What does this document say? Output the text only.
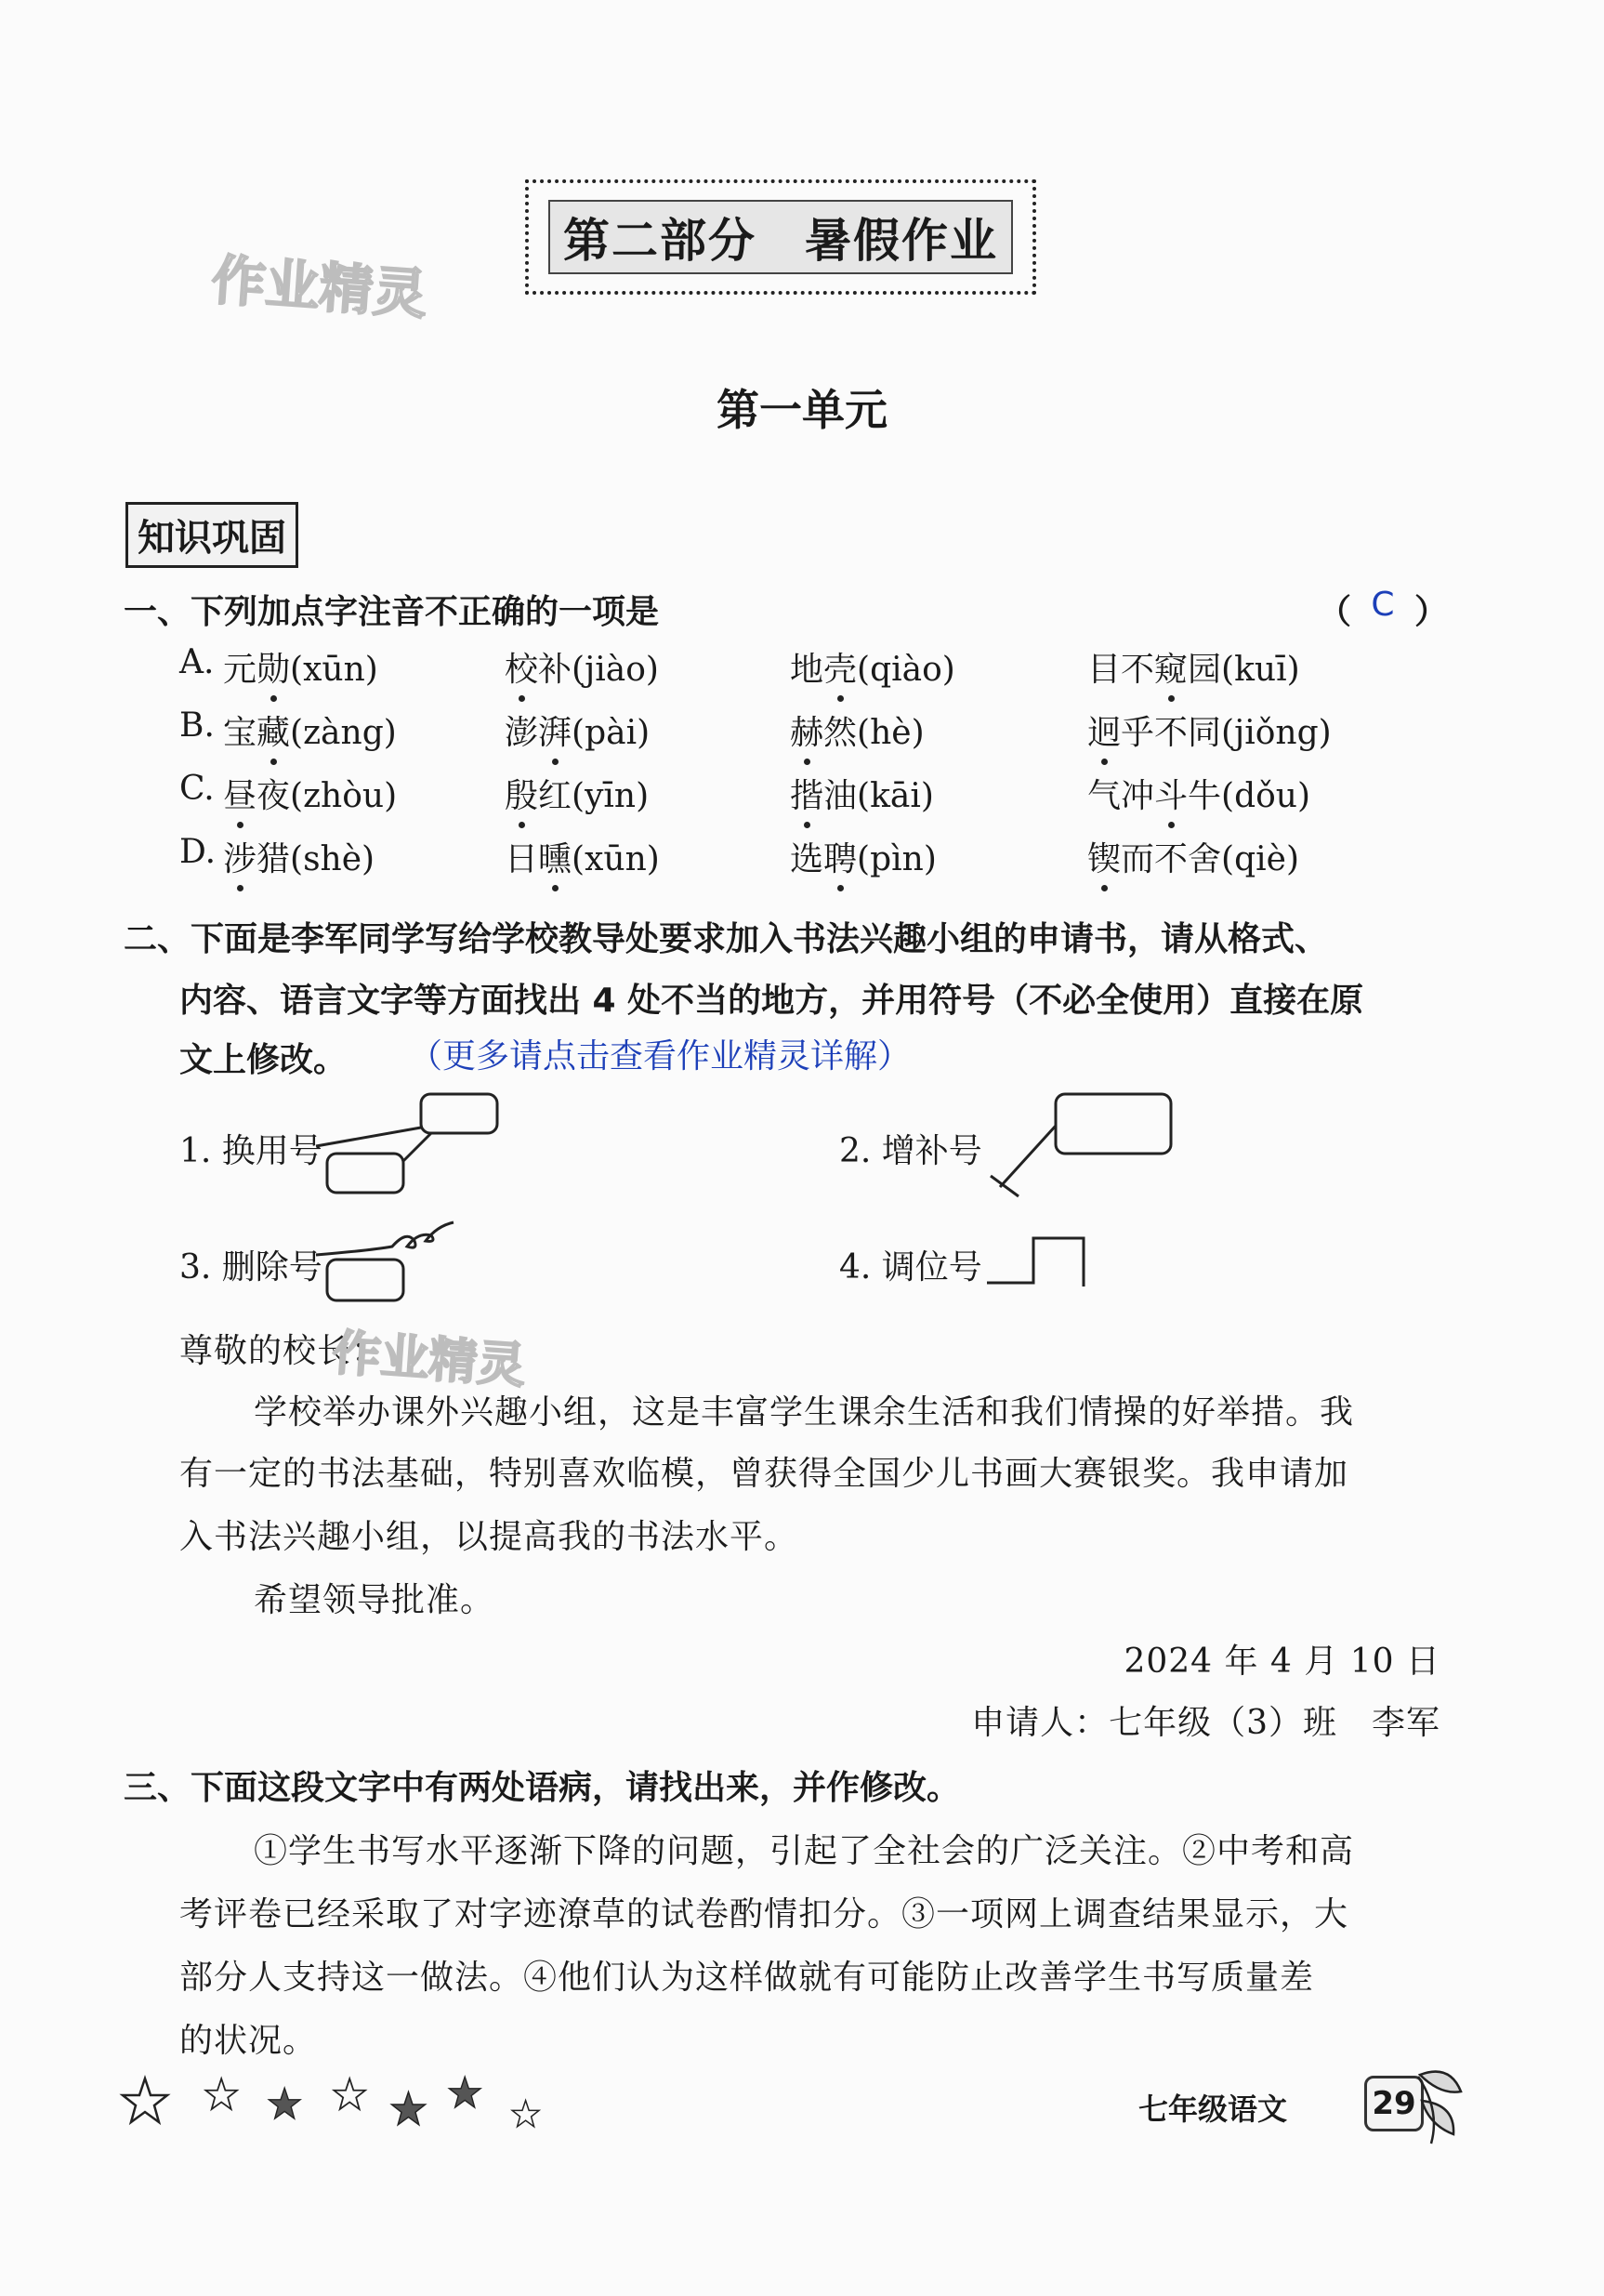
作业精灵
第二部分　暑假作业
第一单元
知识巩固
一、下列加点字注音不正确的一项是	（ C ）
A. 元勋(xūn)	校补(jiào)	地壳(qiào)	目不窥园(kuī)
B. 宝藏(zàng)	澎湃(pài)	赫然(hè)	迥乎不同(jiǒng)
C. 昼夜(zhòu)	殷红(yīn)	揩油(kāi)	气冲斗牛(dǒu)
D. 涉猎(shè)	日曛(xūn)	选聘(pìn)	锲而不舍(qiè)
二、下面是李军同学写给学校教导处要求加入书法兴趣小组的申请书，请从格式、
内容、语言文字等方面找出 4 处不当的地方，并用符号（不必全使用）直接在原
文上修改。 （更多请点击查看作业精灵详解）
1. 换用号	2. 增补号
3. 删除号	4. 调位号
尊敬的校长：
作业精灵
学校举办课外兴趣小组，这是丰富学生课余生活和我们情操的好举措。我
有一定的书法基础，特别喜欢临模，曾获得全国少儿书画大赛银奖。我申请加
入书法兴趣小组，以提高我的书法水平。
希望领导批准。
2024 年 4 月 10 日
申请人：七年级（3）班　李军
三、下面这段文字中有两处语病，请找出来，并作修改。
①学生书写水平逐渐下降的问题，引起了全社会的广泛关注。②中考和高
考评卷已经采取了对字迹潦草的试卷酌情扣分。③一项网上调查结果显示，大
部分人支持这一做法。④他们认为这样做就有可能防止改善学生书写质量差
的状况。
七年级语文	29
